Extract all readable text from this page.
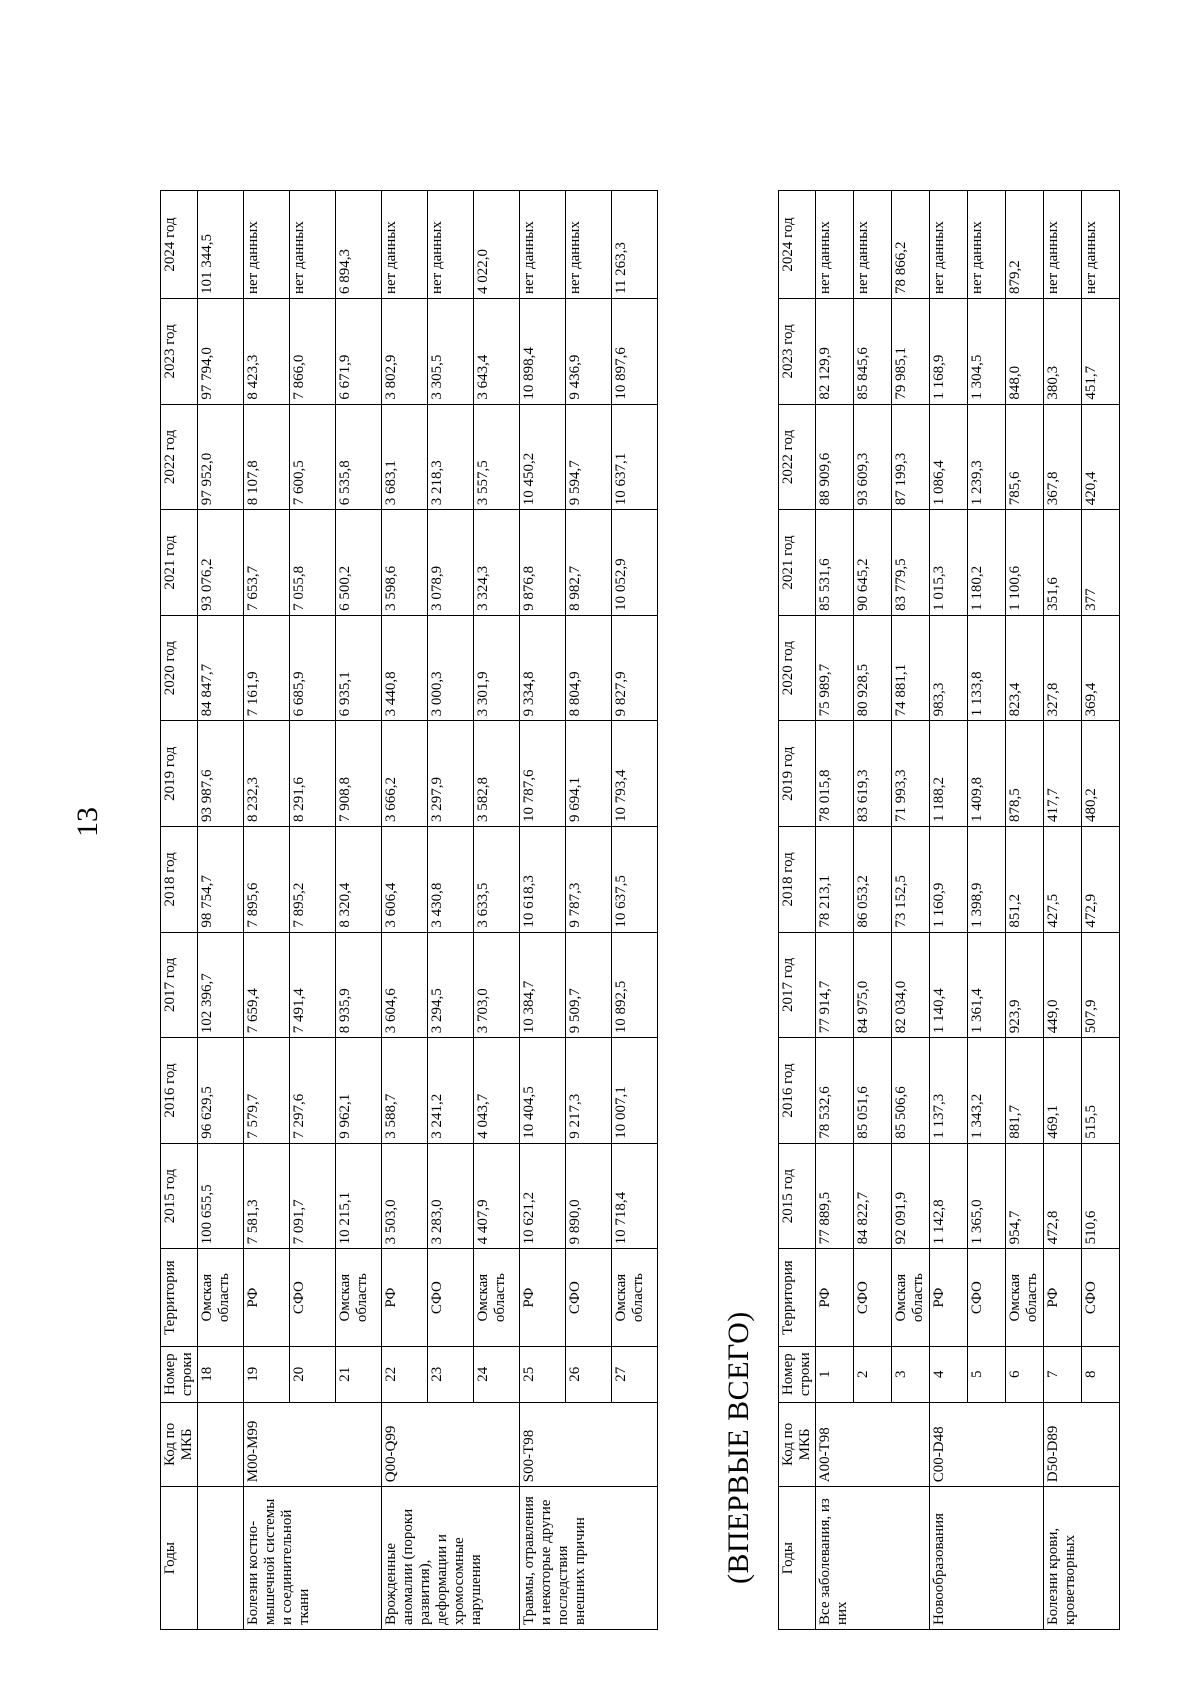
13
(ВПЕРВЫЕ ВСЕГО)
Годы	Код по МКБ	Номер строки	Территория	2015 год	2016 год	2017 год	2018 год	2019 год	2020 год	2021 год	2022 год	2023 год	2024 год
		18	Омская область	100 655,5	96 629,5	102 396,7	98 754,7	93 987,6	84 847,7	93 076,2	97 952,0	97 794,0	101 344,5
Болезни костно-мышечной системы и соединительной ткани	M00-M99	19	РФ	7 581,3	7 579,7	7 659,4	7 895,6	8 232,3	7 161,9	7 653,7	8 107,8	8 423,3	нет данных
		20	СФО	7 091,7	7 297,6	7 491,4	7 895,2	8 291,6	6 685,9	7 055,8	7 600,5	7 866,0	нет данных
		21	Омская область	10 215,1	9 962,1	8 935,9	8 320,4	7 908,8	6 935,1	6 500,2	6 535,8	6 671,9	6 894,3
Врожденные аномалии (пороки развития), деформации и хромосомные нарушения	Q00-Q99	22	РФ	3 503,0	3 588,7	3 604,6	3 606,4	3 666,2	3 440,8	3 598,6	3 683,1	3 802,9	нет данных
		23	СФО	3 283,0	3 241,2	3 294,5	3 430,8	3 297,9	3 000,3	3 078,9	3 218,3	3 305,5	нет данных
		24	Омская область	4 407,9	4 043,7	3 703,0	3 633,5	3 582,8	3 301,9	3 324,3	3 557,5	3 643,4	4 022,0
Травмы, отравления и некоторые другие последствия внешних причин	S00-T98	25	РФ	10 621,2	10 404,5	10 384,7	10 618,3	10 787,6	9 334,8	9 876,8	10 450,2	10 898,4	нет данных
		26	СФО	9 890,0	9 217,3	9 509,7	9 787,3	9 694,1	8 804,9	8 982,7	9 594,7	9 436,9	нет данных
		27	Омская область	10 718,4	10 007,1	10 892,5	10 637,5	10 793,4	9 827,9	10 052,9	10 637,1	10 897,6	11 263,3
Годы	Код по МКБ	Номер строки	Территория	2015 год	2016 год	2017 год	2018 год	2019 год	2020 год	2021 год	2022 год	2023 год	2024 год
Все заболевания, из них	A00-T98	1	РФ	77 889,5	78 532,6	77 914,7	78 213,1	78 015,8	75 989,7	85 531,6	88 909,6	82 129,9	нет данных
		2	СФО	84 822,7	85 051,6	84 975,0	86 053,2	83 619,3	80 928,5	90 645,2	93 609,3	85 845,6	нет данных
		3	Омская область	92 091,9	85 506,6	82 034,0	73 152,5	71 993,3	74 881,1	83 779,5	87 199,3	79 985,1	78 866,2
Новообразования	C00-D48	4	РФ	1 142,8	1 137,3	1 140,4	1 160,9	1 188,2	983,3	1 015,3	1 086,4	1 168,9	нет данных
		5	СФО	1 365,0	1 343,2	1 361,4	1 398,9	1 409,8	1 133,8	1 180,2	1 239,3	1 304,5	нет данных
		6	Омская область	954,7	881,7	923,9	851,2	878,5	823,4	1 100,6	785,6	848,0	879,2
Болезни крови, кроветворных	D50-D89	7	РФ	472,8	469,1	449,0	427,5	417,7	327,8	351,6	367,8	380,3	нет данных
		8	СФО	510,6	515,5	507,9	472,9	480,2	369,4	377	420,4	451,7	нет данных
